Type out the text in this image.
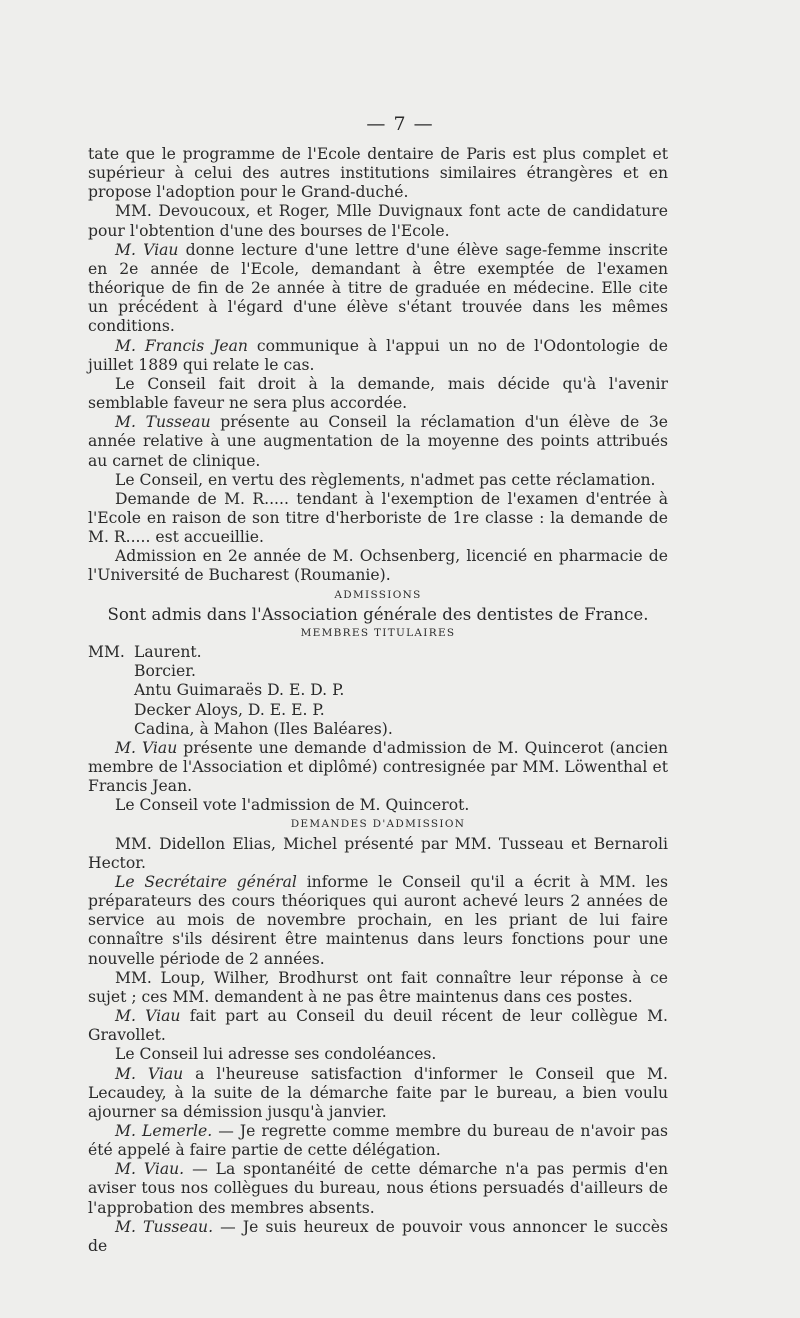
— 7 —

tate que le programme de l'Ecole dentaire de Paris est plus complet et supérieur à celui des autres institutions similaires étrangères et en propose l'adoption pour le Grand-duché.

MM. Devoucoux, et Roger, Mlle Duvignaux font acte de candidature pour l'obtention d'une des bourses de l'Ecole.

M. Viau donne lecture d'une lettre d'une élève sage-femme inscrite en 2e année de l'Ecole, demandant à être exemptée de l'examen théorique de fin de 2e année à titre de graduée en médecine. Elle cite un précédent à l'égard d'une élève s'étant trouvée dans les mêmes conditions.

M. Francis Jean communique à l'appui un no de l'Odontologie de juillet 1889 qui relate le cas.

Le Conseil fait droit à la demande, mais décide qu'à l'avenir semblable faveur ne sera plus accordée.

M. Tusseau présente au Conseil la réclamation d'un élève de 3e année relative à une augmentation de la moyenne des points attribués au carnet de clinique.

Le Conseil, en vertu des règlements, n'admet pas cette réclamation.

Demande de M. R..... tendant à l'exemption de l'examen d'entrée à l'Ecole en raison de son titre d'herboriste de 1re classe : la demande de M. R..... est accueillie.

Admission en 2e année de M. Ochsenberg, licencié en pharmacie de l'Université de Bucharest (Roumanie).

ADMISSIONS

Sont admis dans l'Association générale des dentistes de France.

MEMBRES TITULAIRES

MM. Laurent.
Borcier.
Antu Guimaraës D. E. D. P.
Decker Aloys, D. E. E. P.
Cadina, à Mahon (Iles Baléares).

M. Viau présente une demande d'admission de M. Quincerot (ancien membre de l'Association et diplômé) contresignée par MM. Löwenthal et Francis Jean.

Le Conseil vote l'admission de M. Quincerot.

DEMANDES D'ADMISSION

MM. Didellon Elias, Michel présenté par MM. Tusseau et Bernaroli Hector.

Le Secrétaire général informe le Conseil qu'il a écrit à MM. les préparateurs des cours théoriques qui auront achevé leurs 2 années de service au mois de novembre prochain, en les priant de lui faire connaître s'ils désirent être maintenus dans leurs fonctions pour une nouvelle période de 2 années.

MM. Loup, Wilher, Brodhurst ont fait connaître leur réponse à ce sujet ; ces MM. demandent à ne pas être maintenus dans ces postes.

M. Viau fait part au Conseil du deuil récent de leur collègue M. Gravollet.

Le Conseil lui adresse ses condoléances.

M. Viau a l'heureuse satisfaction d'informer le Conseil que M. Lecaudey, à la suite de la démarche faite par le bureau, a bien voulu ajourner sa démission jusqu'à janvier.

M. Lemerle. — Je regrette comme membre du bureau de n'avoir pas été appelé à faire partie de cette délégation.

M. Viau. — La spontanéité de cette démarche n'a pas permis d'en aviser tous nos collègues du bureau, nous étions persuadés d'ailleurs de l'approbation des membres absents.

M. Tusseau. — Je suis heureux de pouvoir vous annoncer le succès de
